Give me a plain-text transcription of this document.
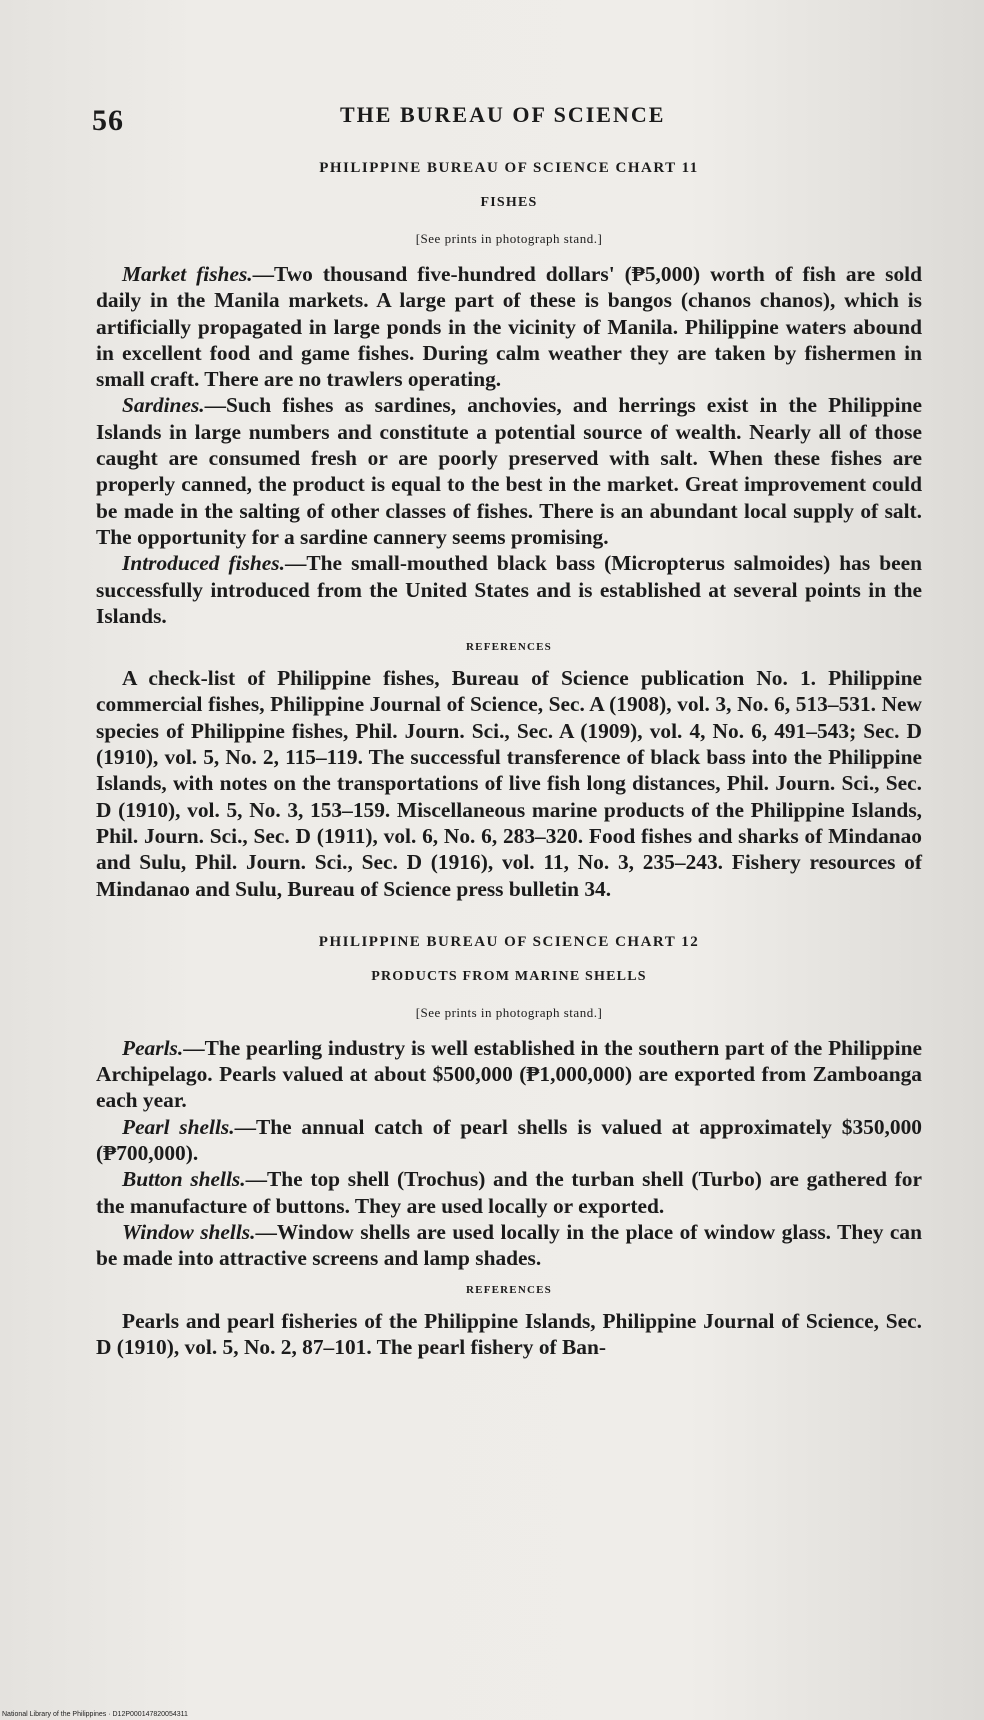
56	THE BUREAU OF SCIENCE

PHILIPPINE BUREAU OF SCIENCE CHART 11

FISHES

[See prints in photograph stand.]

Market fishes.—Two thousand five-hundred dollars' (₱5,000) worth of fish are sold daily in the Manila markets. A large part of these is bangos (chanos chanos), which is artificially propagated in large ponds in the vicinity of Manila. Philippine waters abound in excellent food and game fishes. During calm weather they are taken by fishermen in small craft. There are no trawlers operating.

Sardines.—Such fishes as sardines, anchovies, and herrings exist in the Philippine Islands in large numbers and constitute a potential source of wealth. Nearly all of those caught are consumed fresh or are poorly preserved with salt. When these fishes are properly canned, the product is equal to the best in the market. Great improvement could be made in the salting of other classes of fishes. There is an abundant local supply of salt. The opportunity for a sardine cannery seems promising.

Introduced fishes.—The small-mouthed black bass (Micropterus salmoides) has been successfully introduced from the United States and is established at several points in the Islands.

REFERENCES

A check-list of Philippine fishes, Bureau of Science publication No. 1. Philippine commercial fishes, Philippine Journal of Science, Sec. A (1908), vol. 3, No. 6, 513–531. New species of Philippine fishes, Phil. Journ. Sci., Sec. A (1909), vol. 4, No. 6, 491–543; Sec. D (1910), vol. 5, No. 2, 115–119. The successful transference of black bass into the Philippine Islands, with notes on the transportations of live fish long distances, Phil. Journ. Sci., Sec. D (1910), vol. 5, No. 3, 153–159. Miscellaneous marine products of the Philippine Islands, Phil. Journ. Sci., Sec. D (1911), vol. 6, No. 6, 283–320. Food fishes and sharks of Mindanao and Sulu, Phil. Journ. Sci., Sec. D (1916), vol. 11, No. 3, 235–243. Fishery resources of Mindanao and Sulu, Bureau of Science press bulletin 34.

PHILIPPINE BUREAU OF SCIENCE CHART 12

PRODUCTS FROM MARINE SHELLS

[See prints in photograph stand.]

Pearls.—The pearling industry is well established in the southern part of the Philippine Archipelago. Pearls valued at about $500,000 (₱1,000,000) are exported from Zamboanga each year.

Pearl shells.—The annual catch of pearl shells is valued at approximately $350,000 (₱700,000).

Button shells.—The top shell (Trochus) and the turban shell (Turbo) are gathered for the manufacture of buttons. They are used locally or exported.

Window shells.—Window shells are used locally in the place of window glass. They can be made into attractive screens and lamp shades.

REFERENCES

Pearls and pearl fisheries of the Philippine Islands, Philippine Journal of Science, Sec. D (1910), vol. 5, No. 2, 87–101. The pearl fishery of Ban-

National Library of the Philippines · D12P000147820054311
